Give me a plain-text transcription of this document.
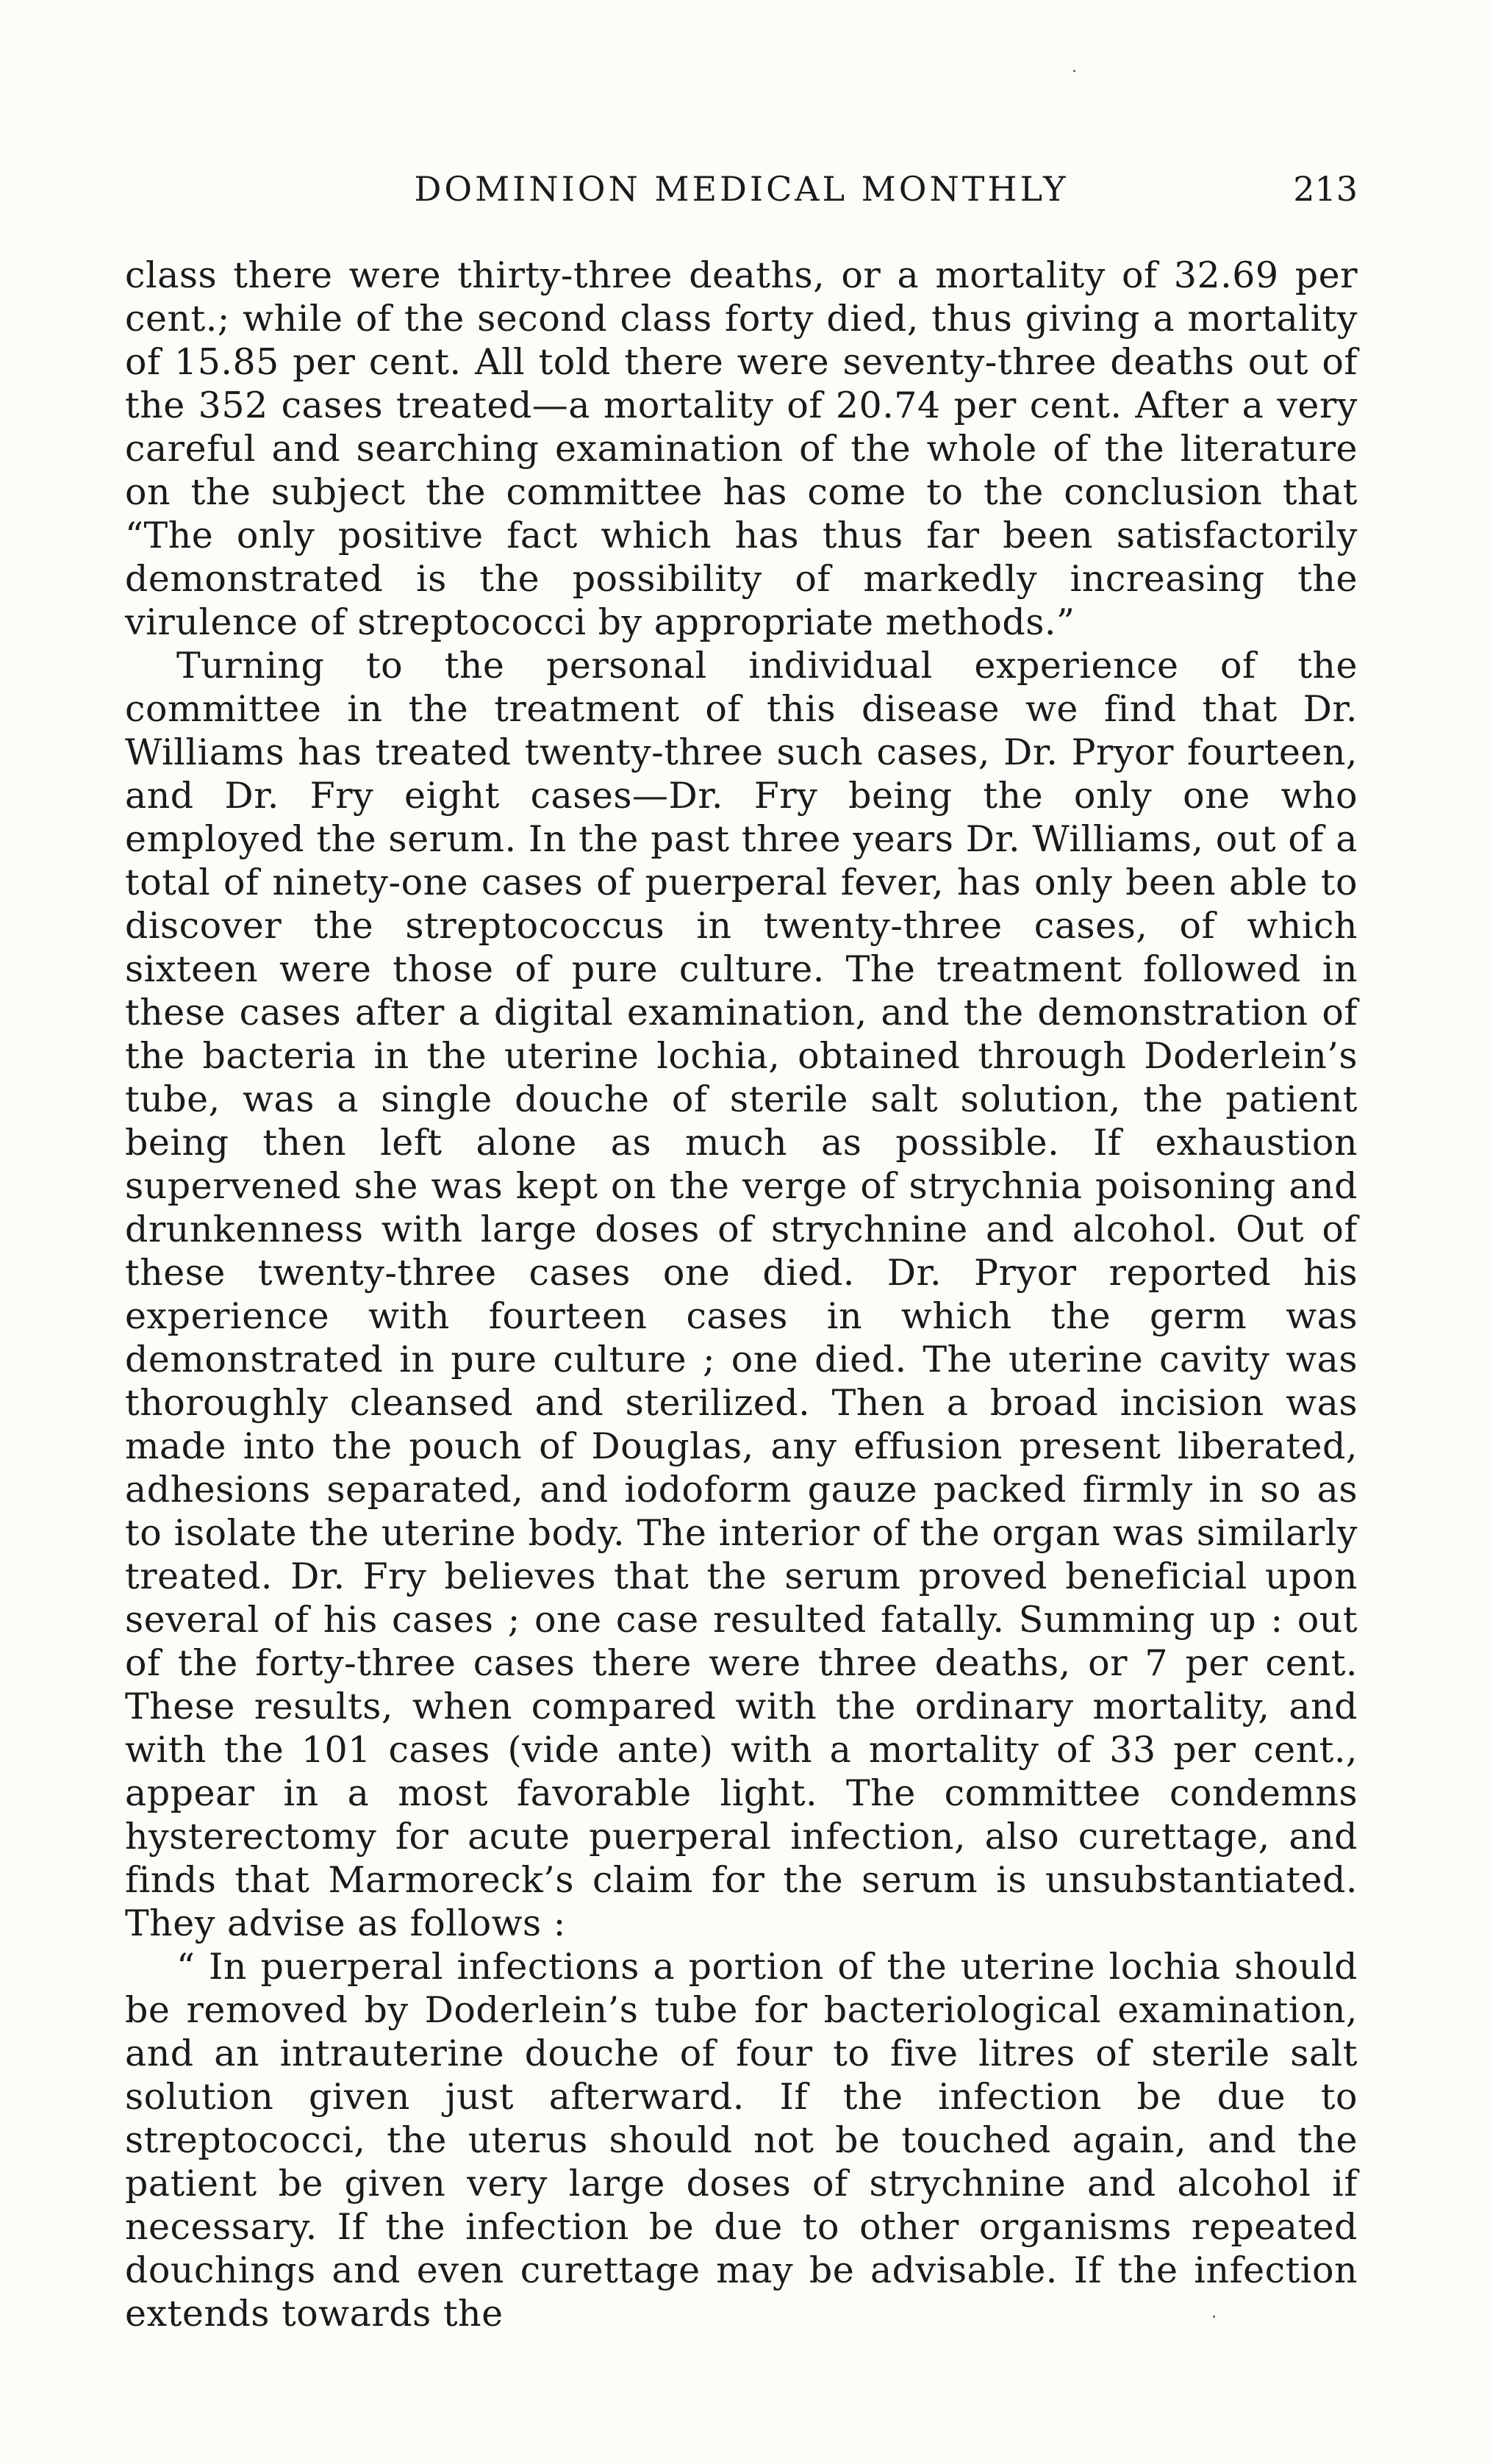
DOMINION MEDICAL MONTHLY	213

class there were thirty-three deaths, or a mortality of 32.69 per cent.; while of the second class forty died, thus giving a mortality of 15.85 per cent. All told there were seventy-three deaths out of the 352 cases treated—a mortality of 20.74 per cent. After a very careful and searching examination of the whole of the literature on the subject the committee has come to the conclusion that “The only positive fact which has thus far been satisfactorily demonstrated is the possibility of markedly increasing the virulence of streptococci by appropriate methods.”

Turning to the personal individual experience of the committee in the treatment of this disease we find that Dr. Williams has treated twenty-three such cases, Dr. Pryor fourteen, and Dr. Fry eight cases—Dr. Fry being the only one who employed the serum. In the past three years Dr. Williams, out of a total of ninety-one cases of puerperal fever, has only been able to discover the streptococcus in twenty-three cases, of which sixteen were those of pure culture. The treatment followed in these cases after a digital examination, and the demonstration of the bacteria in the uterine lochia, obtained through Doderlein’s tube, was a single douche of sterile salt solution, the patient being then left alone as much as possible. If exhaustion supervened she was kept on the verge of strychnia poisoning and drunkenness with large doses of strychnine and alcohol. Out of these twenty-three cases one died. Dr. Pryor reported his experience with fourteen cases in which the germ was demonstrated in pure culture ; one died. The uterine cavity was thoroughly cleansed and sterilized. Then a broad incision was made into the pouch of Douglas, any effusion present liberated, adhesions separated, and iodoform gauze packed firmly in so as to isolate the uterine body. The interior of the organ was similarly treated. Dr. Fry believes that the serum proved beneficial upon several of his cases ; one case resulted fatally. Summing up : out of the forty-three cases there were three deaths, or 7 per cent. These results, when compared with the ordinary mortality, and with the 101 cases (vide ante) with a mortality of 33 per cent., appear in a most favorable light. The committee condemns hysterectomy for acute puerperal infection, also curettage, and finds that Marmoreck’s claim for the serum is unsubstantiated. They advise as follows :

“ In puerperal infections a portion of the uterine lochia should be removed by Doderlein’s tube for bacteriological examination, and an intrauterine douche of four to five litres of sterile salt solution given just afterward. If the infection be due to streptococci, the uterus should not be touched again, and the patient be given very large doses of strychnine and alcohol if necessary. If the infection be due to other organisms repeated douchings and even curettage may be advisable. If the infection extends towards the
